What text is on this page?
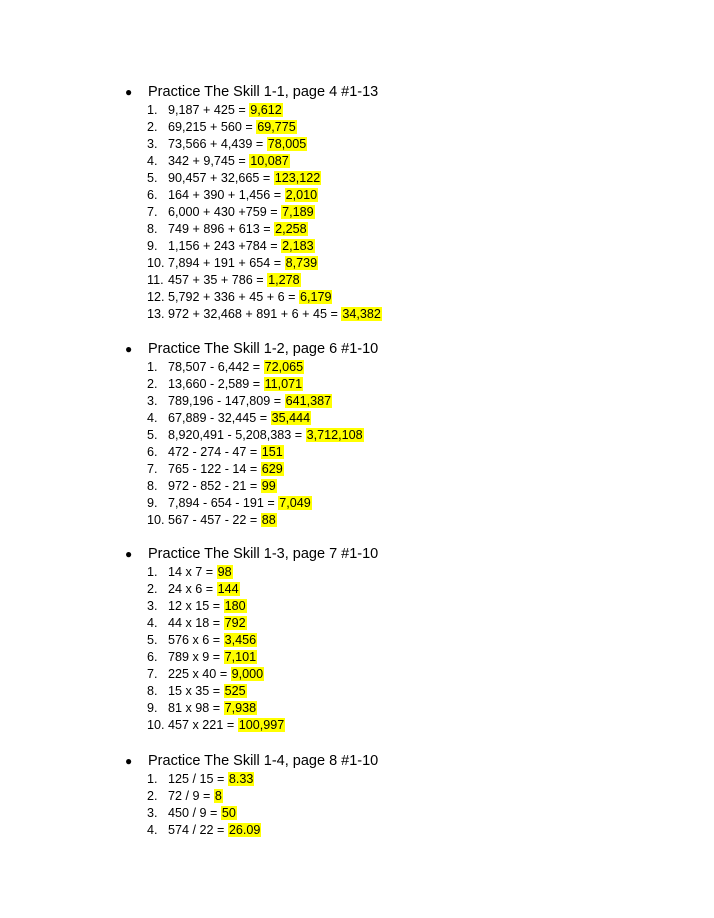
●	Practice The Skill 1-1, page 4 #1-13
1. 9,187 + 425 = 9,612
2. 69,215 + 560 = 69,775
3. 73,566 + 4,439 = 78,005
4. 342 + 9,745 = 10,087
5. 90,457 + 32,665 = 123,122
6. 164 + 390 + 1,456 = 2,010
7. 6,000 + 430 +759 = 7,189
8. 749 + 896 + 613 = 2,258
9. 1,156 + 243 +784 = 2,183
10. 7,894 + 191 + 654 = 8,739
11. 457 + 35 + 786 = 1,278
12. 5,792 + 336 + 45 + 6 = 6,179
13. 972 + 32,468 + 891 + 6 + 45 = 34,382
●	Practice The Skill 1-2, page 6 #1-10
1. 78,507 - 6,442 = 72,065
2. 13,660 - 2,589 = 11,071
3. 789,196 - 147,809 = 641,387
4. 67,889 - 32,445 = 35,444
5. 8,920,491 - 5,208,383 = 3,712,108
6. 472 - 274 - 47 = 151
7. 765 - 122 - 14 = 629
8. 972 - 852 - 21 = 99
9. 7,894 - 654 - 191 = 7,049
10. 567 - 457 - 22 = 88
●	Practice The Skill 1-3, page 7 #1-10
1. 14 x 7 = 98
2. 24 x 6 = 144
3. 12 x 15 = 180
4. 44 x 18 = 792
5. 576 x 6 = 3,456
6. 789 x 9 = 7,101
7. 225 x 40 = 9,000
8. 15 x 35 = 525
9. 81 x 98 = 7,938
10. 457 x 221 = 100,997
●	Practice The Skill 1-4, page 8 #1-10
1. 125 / 15 = 8.33
2. 72 / 9 = 8
3. 450 / 9 = 50
4. 574 / 22 = 26.09
